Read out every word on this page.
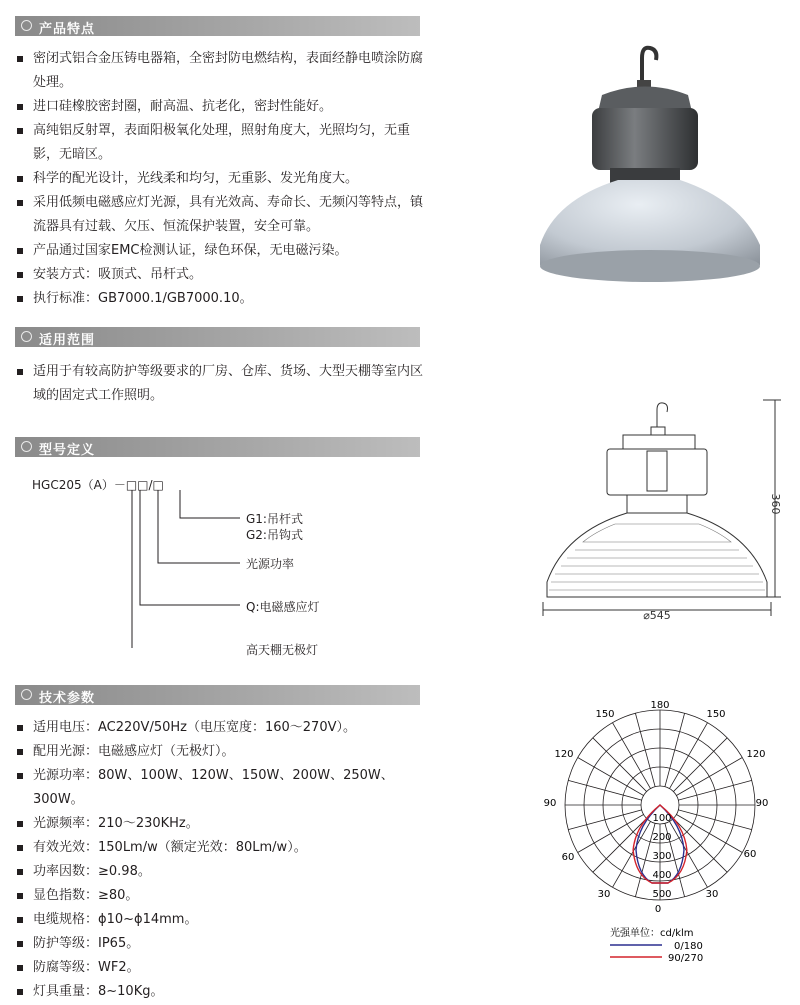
产品特点
密闭式铝合金压铸电器箱，全密封防电燃结构，表面经静电喷涂防腐处理。
进口硅橡胶密封圈，耐高温、抗老化，密封性能好。
高纯铝反射罩，表面阳极氧化处理，照射角度大，光照均匀，无重影，无暗区。
科学的配光设计，光线柔和均匀，无重影、发光角度大。
采用低频电磁感应灯光源，具有光效高、寿命长、无频闪等特点，镇流器具有过载、欠压、恒流保护装置，安全可靠。
产品通过国家EMC检测认证，绿色环保，无电磁污染。
安装方式：吸顶式、吊杆式。
执行标准：GB7000.1/GB7000.10。
适用范围
适用于有较高防护等级要求的厂房、仓库、货场、大型天棚等室内区域的固定式工作照明。
型号定义
HGC205（A）－□□/□
G1:吊杆式
G2:吊钩式
光源功率
Q:电磁感应灯
高天棚无极灯
⌀545
360
技术参数
适用电压：AC220V/50Hz（电压宽度：160～270V）。
配用光源：电磁感应灯（无极灯）。
光源功率：80W、100W、120W、150W、200W、250W、300W。
光源频率：210～230KHz。
有效光效：150Lm/w（额定光效：80Lm/w）。
功率因数：≥0.98。
显色指数：≥80。
电缆规格：ϕ10~ϕ14mm。
防护等级：IP65。
防腐等级：WF2。
灯具重量：8~10Kg。
180
150	150
120	120
90	90
60	60
30	30
0
100
200
300
400
500
光强单位：cd/klm
0/180
90/270
